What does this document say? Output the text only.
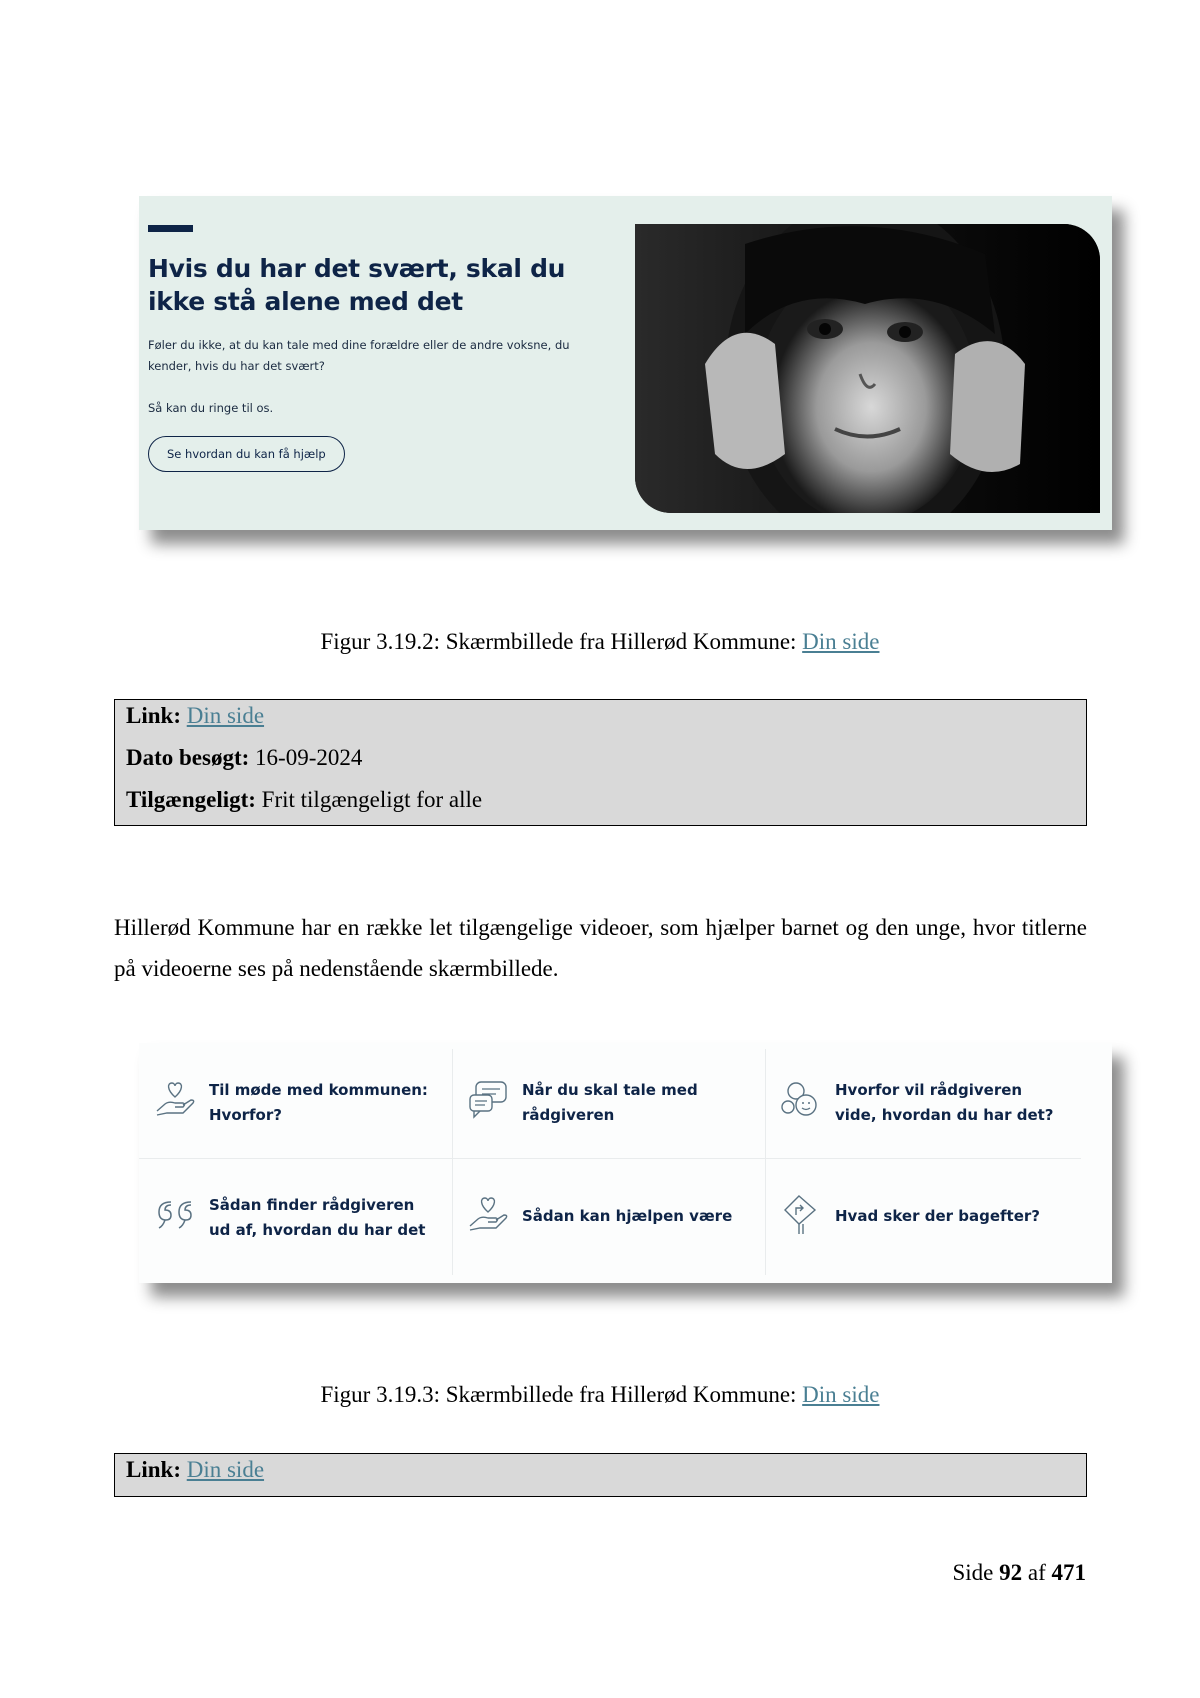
Hvis du har det svært, skal du ikke stå alene med det
Føler du ikke, at du kan tale med dine forældre eller de andre voksne, du kender, hvis du har det svært?
Så kan du ringe til os.
Se hvordan du kan få hjælp
Figur 3.19.2: Skærmbillede fra Hillerød Kommune: Din side
Link: Din side
Dato besøgt: 16-09-2024
Tilgængeligt: Frit tilgængeligt for alle
Hillerød Kommune har en række let tilgængelige videoer, som hjælper barnet og den unge, hvor titlerne på videoerne ses på nedenstående skærmbillede.
Til møde med kommunen: Hvorfor?
Når du skal tale med rådgiveren
Hvorfor vil rådgiveren vide, hvordan du har det?
Sådan finder rådgiveren ud af, hvordan du har det
Sådan kan hjælpen være	Hvad sker der bagefter?
Figur 3.19.3: Skærmbillede fra Hillerød Kommune: Din side
Link: Din side
Side 92 af 471
